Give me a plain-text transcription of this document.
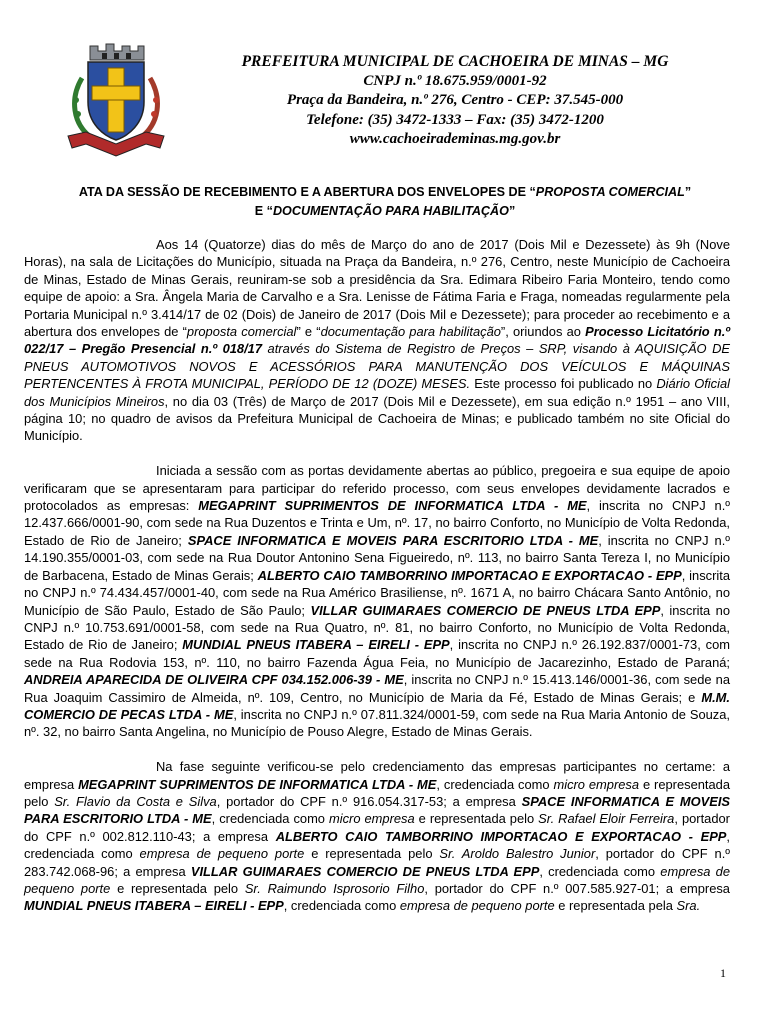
PREFEITURA MUNICIPAL DE CACHOEIRA DE MINAS – MG
CNPJ n.º 18.675.959/0001-92
Praça da Bandeira, n.º 276, Centro - CEP: 37.545-000
Telefone: (35) 3472-1333 – Fax: (35) 3472-1200
www.cachoeirademinas.mg.gov.br
ATA DA SESSÃO DE RECEBIMENTO E A ABERTURA DOS ENVELOPES DE “PROPOSTA COMERCIAL”
E “DOCUMENTAÇÃO PARA HABILITAÇÃO”

Aos 14 (Quatorze) dias do mês de Março do ano de 2017 (Dois Mil e Dezessete) às 9h (Nove Horas), na sala de Licitações do Município, situada na Praça da Bandeira, n.º 276, Centro, neste Município de Cachoeira de Minas, Estado de Minas Gerais, reuniram-se sob a presidência da Sra. Edimara Ribeiro Faria Monteiro, tendo como equipe de apoio: a Sra. Ângela Maria de Carvalho e a Sra. Lenisse de Fátima Faria e Fraga, nomeadas regularmente pela Portaria Municipal n.º 3.414/17 de 02 (Dois) de Janeiro de 2017 (Dois Mil e Dezessete); para proceder ao recebimento e a abertura dos envelopes de “proposta comercial” e “documentação para habilitação”, oriundos ao Processo Licitatório n.º 022/17 – Pregão Presencial n.º 018/17 através do Sistema de Registro de Preços – SRP, visando à AQUISIÇÃO DE PNEUS AUTOMOTIVOS NOVOS E ACESSÓRIOS PARA MANUTENÇÃO DOS VEÍCULOS E MÁQUINAS PERTENCENTES À FROTA MUNICIPAL, PERÍODO DE 12 (DOZE) MESES. Este processo foi publicado no Diário Oficial dos Municípios Mineiros, no dia 03 (Três) de Março de 2017 (Dois Mil e Dezessete), em sua edição n.º 1951 – ano VIII, página 10; no quadro de avisos da Prefeitura Municipal de Cachoeira de Minas; e publicado também no site Oficial do Município.

Iniciada a sessão com as portas devidamente abertas ao público, pregoeira e sua equipe de apoio verificaram que se apresentaram para participar do referido processo, com seus envelopes devidamente lacrados e protocolados as empresas: MEGAPRINT SUPRIMENTOS DE INFORMATICA LTDA - ME, inscrita no CNPJ n.º 12.437.666/0001-90, com sede na Rua Duzentos e Trinta e Um, nº. 17, no bairro Conforto, no Município de Volta Redonda, Estado de Rio de Janeiro; SPACE INFORMATICA E MOVEIS PARA ESCRITORIO LTDA - ME, inscrita no CNPJ n.º 14.190.355/0001-03, com sede na Rua Doutor Antonino Sena Figueiredo, nº. 113, no bairro Santa Tereza I, no Município de Barbacena, Estado de Minas Gerais; ALBERTO CAIO TAMBORRINO IMPORTACAO E EXPORTACAO - EPP, inscrita no CNPJ n.º 74.434.457/0001-40, com sede na Rua Américo Brasiliense, nº. 1671 A, no bairro Chácara Santo Antônio, no Município de São Paulo, Estado de São Paulo; VILLAR GUIMARAES COMERCIO DE PNEUS LTDA EPP, inscrita no CNPJ n.º 10.753.691/0001-58, com sede na Rua Quatro, nº. 81, no bairro Conforto, no Município de Volta Redonda, Estado de Rio de Janeiro; MUNDIAL PNEUS ITABERA – EIRELI - EPP, inscrita no CNPJ n.º 26.192.837/0001-73, com sede na Rua Rodovia 153, nº. 110, no bairro Fazenda Água Feia, no Município de Jacarezinho, Estado de Paraná; ANDREIA APARECIDA DE OLIVEIRA CPF 034.152.006-39 - ME, inscrita no CNPJ n.º 15.413.146/0001-36, com sede na Rua Joaquim Cassimiro de Almeida, nº. 109, Centro, no Município de Maria da Fé, Estado de Minas Gerais; e M.M. COMERCIO DE PECAS LTDA - ME, inscrita no CNPJ n.º 07.811.324/0001-59, com sede na Rua Maria Antonio de Souza, nº. 32, no bairro Santa Angelina, no Município de Pouso Alegre, Estado de Minas Gerais.

Na fase seguinte verificou-se pelo credenciamento das empresas participantes no certame: a empresa MEGAPRINT SUPRIMENTOS DE INFORMATICA LTDA - ME, credenciada como micro empresa e representada pelo Sr. Flavio da Costa e Silva, portador do CPF n.º 916.054.317-53; a empresa SPACE INFORMATICA E MOVEIS PARA ESCRITORIO LTDA - ME, credenciada como micro empresa e representada pelo Sr. Rafael Eloir Ferreira, portador do CPF n.º 002.812.110-43; a empresa ALBERTO CAIO TAMBORRINO IMPORTACAO E EXPORTACAO - EPP, credenciada como empresa de pequeno porte e representada pelo Sr. Aroldo Balestro Junior, portador do CPF n.º 283.742.068-96; a empresa VILLAR GUIMARAES COMERCIO DE PNEUS LTDA EPP, credenciada como empresa de pequeno porte e representada pelo Sr. Raimundo Isprosorio Filho, portador do CPF n.º 007.585.927-01; a empresa MUNDIAL PNEUS ITABERA – EIRELI - EPP, credenciada como empresa de pequeno porte e representada pela Sra.

1
